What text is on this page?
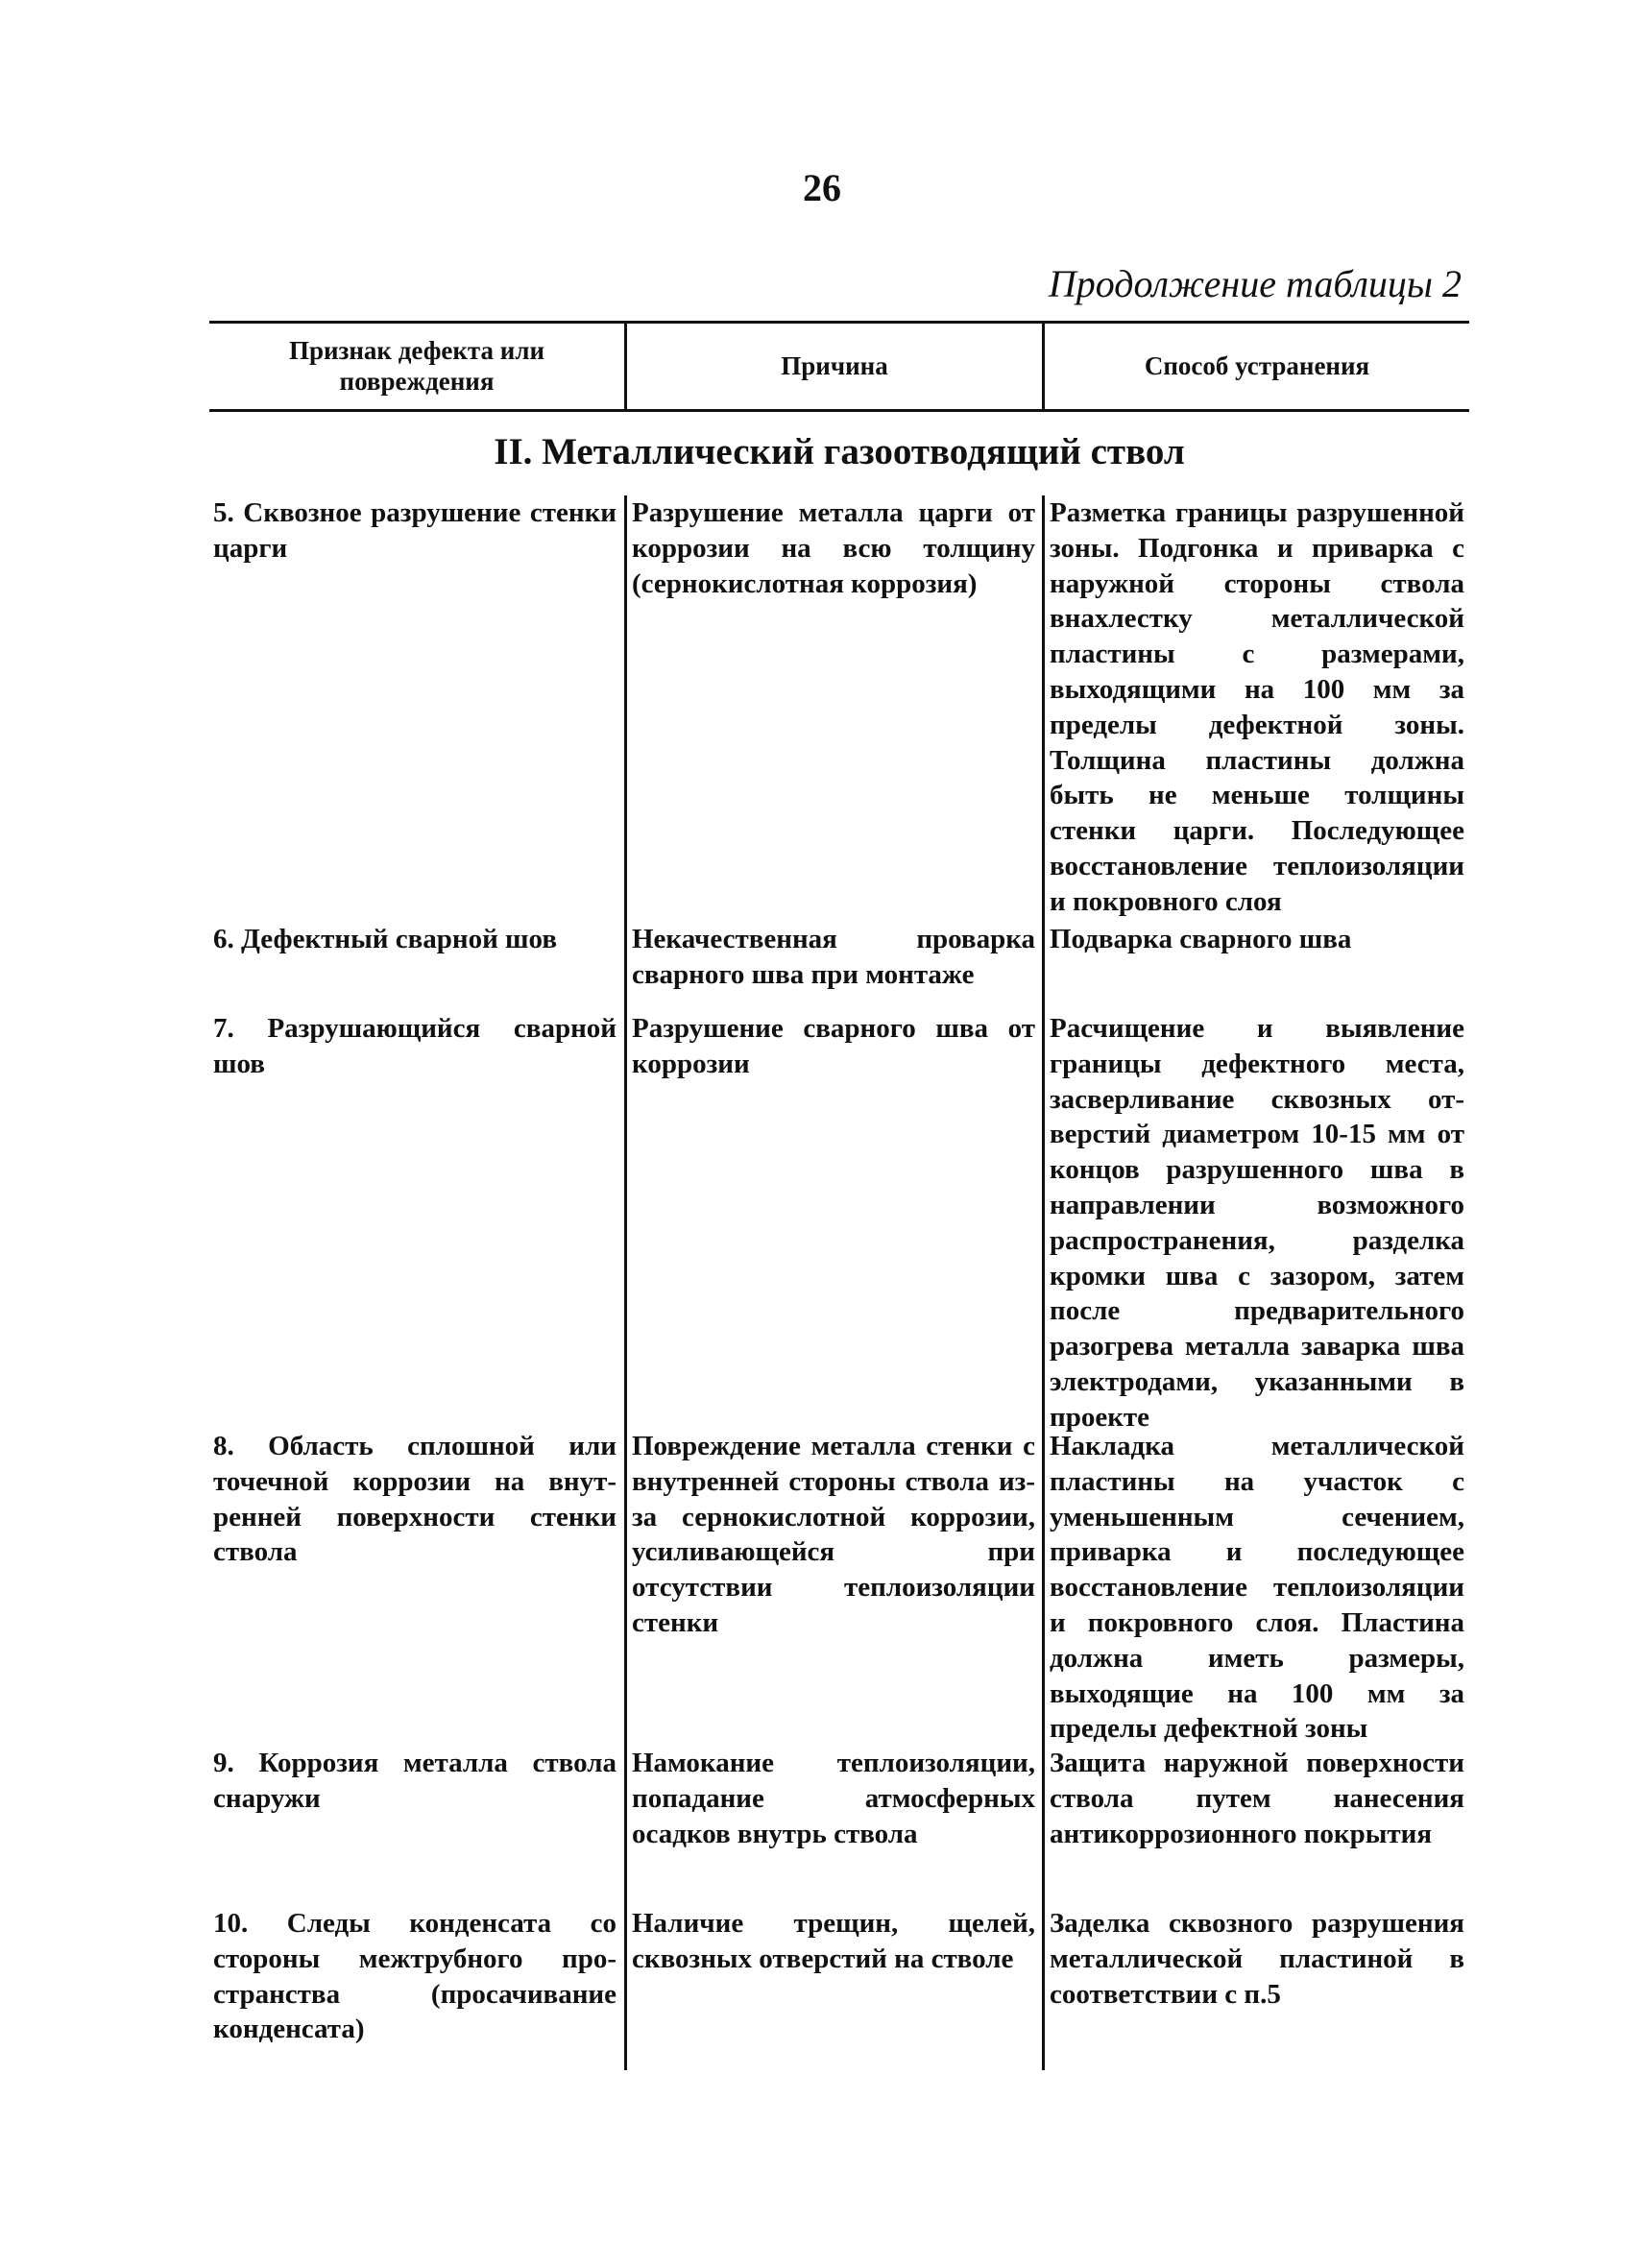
26
Продолжение таблицы 2
Признак дефекта или повреждения
Причина	Способ устранения
II. Металлический газоотводящий ствол
5. Сквозное разрушение стенки царги
Разрушение металла царги от коррозии на всю толщину (сернокислотная коррозия)
Разметка границы разрушенной зоны. Подгонка и приварка с наружной стороны ствола внахлестку металлической пластины с размерами, выходящими на 100 мм за пределы дефектной зоны. Толщина пластины должна быть не меньше толщины стенки царги. Последующее восстановление теплоизоляции и покровного слоя
6. Дефектный сварной шов	Некачественная проварка сварного шва при монтаже
Подварка сварного шва
7. Разрушающийся сварной шов
Разрушение сварного шва от коррозии
Расчищение и выявление границы дефектного места, засверливание сквозных отверстий диаметром 10-15 мм от концов разрушенного шва в направлении возможного распространения, разделка кромки шва с зазором, затем после предварительного разогрева металла заварка шва электродами, указанными в проекте
8. Область сплошной или точечной коррозии на внутренней поверхности стенки ствола
Повреждение металла стенки с внутренней стороны ствола из-за сернокислотной коррозии, усиливающейся при отсутствии теплоизоляции стенки
Накладка металлической пластины на участок с уменьшенным сечением, приварка и последующее восстановление теплоизоляции и покровного слоя. Пластина должна иметь размеры, выходящие на 100 мм за пределы дефектной зоны
9. Коррозия металла ствола снаружи
Намокание теплоизоляции, попадание атмосферных осадков внутрь ствола
Защита наружной поверхности ствола путем нанесения антикоррозионного покрытия
10. Следы конденсата со стороны межтрубного пространства (просачивание конденсата)
Наличие трещин, щелей, сквозных отверстий на стволе
Заделка сквозного разрушения металлической пластиной в соответствии с п.5
